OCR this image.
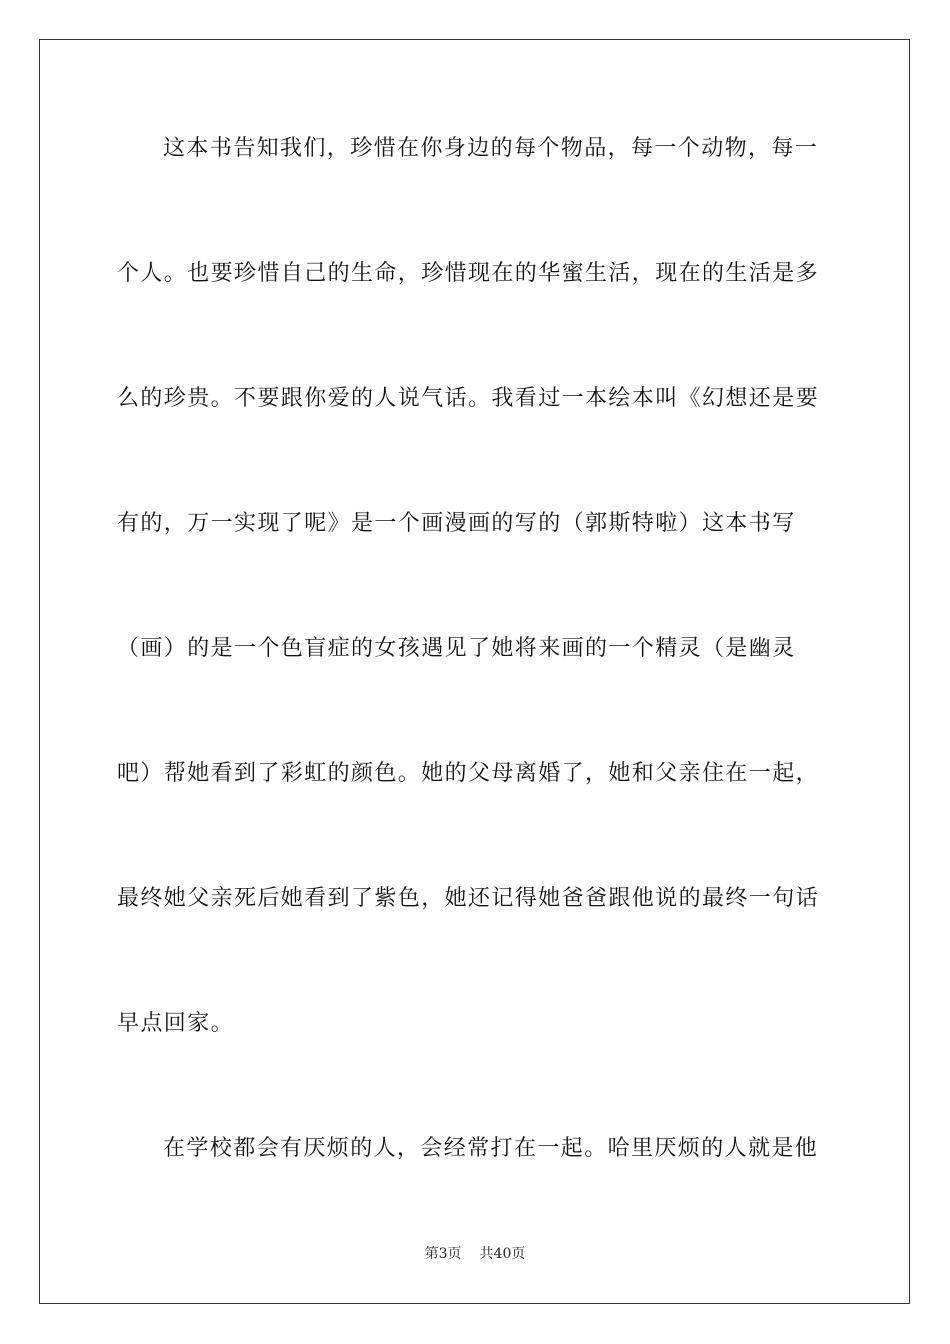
这本书告知我们，珍惜在你身边的每个物品，每一个动物，每一
个人。也要珍惜自己的生命，珍惜现在的华蜜生活，现在的生活是多
么的珍贵。不要跟你爱的人说气话。我看过一本绘本叫《幻想还是要
有的，万一实现了呢》是一个画漫画的写的（郭斯特啦）这本书写
（画）的是一个色盲症的女孩遇见了她将来画的一个精灵（是幽灵
吧）帮她看到了彩虹的颜色。她的父母离婚了，她和父亲住在一起，
最终她父亲死后她看到了紫色，她还记得她爸爸跟他说的最终一句话
早点回家。
在学校都会有厌烦的人，会经常打在一起。哈里厌烦的人就是他
第3页 共40页
